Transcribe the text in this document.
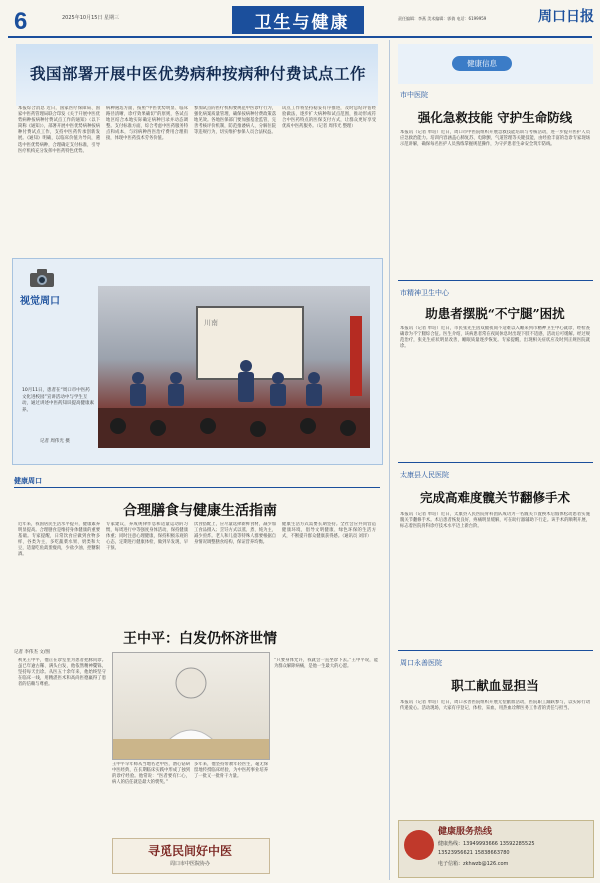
6	2025年10月15日 星期三	卫生与健康	责任编辑：李燕 美术编辑：郭倩 电话：6199959	周口日报
我国部署开展中医优势病种按病种付费试点工作
本报综合消息 近日，国家医疗保障局、国家中医药管理局联合印发《关于开展中医优势病种按病种付费试点工作的通知》（以下简称《通知》），部署开展中医优势病种按病种付费试点工作，支持中医药传承创新发展。《通知》明确，以临床价值为导向，遴选中医优势病种，合理确定支付标准，引导医疗机构充分发挥中医药特色优势。
病种遴选方面，按照“中医优势明显、临床路径清晰、诊疗效果确切”的原则，各试点地区结合本地实际确定病种目录并动态调整。支付标准方面，综合考虑中医药服务特点和成本，与同病种西医治疗费用合理衔接，体现中医药技术劳务价值。
参加试点的医疗机构要规范中医诊疗行为，强化病案质量管理，确保按病种付费政策落地见效。各地医保部门要加强基金监管，完善考核评价机制，防范推诿病人、分解住院等违规行为，切实维护参保人员合法权益。
试点工作将坚持稳妥有序推进，及时总结评估经验做法，逐步扩大病种和试点范围，推动形成符合中医药特点的医保支付方式，让群众更好享受优质中医药服务。（记者 周伟光 整理）
视觉周口
10月11日，患者在“周口市中医药文化进校园”宣讲活动中与学生互动，通过讲述中医药知识提高健康素养。
记者 周伟光 摄
川南
健康周口
合理膳食与健康生活指南
近年来，我国居民生活水平提升，健康素养明显提高。合理膳食是维持身体健康的重要基础。专家提醒，日常饮食应做到食物多样、谷类为主，多吃蔬菜水果、奶类和大豆，适量吃鱼禽蛋瘦肉，少盐少油、控糖限酒。
专家建议，养成规律作息和适量运动的习惯，每周进行中等强度身体活动，保持健康体重；同时注意心理健康，保持积极乐观的心态，定期进行健康体检，做到早发现、早干预。
饮食搭配上，应尽量选择新鲜食材，减少加工食品摄入；烹饪方式以蒸、煮、炖为主，减少煎炸。老人和儿童等特殊人群要根据自身情况调整膳食结构，保证营养均衡。
健康生活方式需要长期坚持。全社会应共同营造健康环境，倡导文明健康、绿色环保的生活方式，不断提升群众健康获得感。（通讯员 刘洋）
王中平：白发仍怀济世情
记者 李伟杰 文/图
初见王中平，他正在诊室里为患者把脉问诊。虽已年逾古稀、满头白发，他依然精神矍铄，坚持每天出诊。从医五十余年来，他始终坚守在临床一线，用精湛医术和高尚医德赢得了患者的信赖与尊重。
王中平早年师从当地名老中医，潜心钻研中医经典，在长期临床实践中形成了独到的诊疗经验。他常说：“医者要有仁心，病人的信任就是最大的褒奖。”
多年来，他坚持带教年轻医生，毫无保留地传授临床经验，为中医药事业培养了一批又一批骨干力量。
“只要身体允许，我就会一直坐诊下去。”王中平说，能为群众解除病痛，是他一生最大的心愿。
寻觅民间好中医
周口市中医院协办
健康信息
市中医院
强化急救技能 守护生命防线
本报讯（记者 单培）近日，周口市中医院组织开展急救技能培训与考核活动，进一步提升医护人员应急救治能力。培训内容涵盖心肺复苏、电除颤、气道管理等关键技能，由经验丰富的急诊专家现场示范讲解，确保每名医护人员熟练掌握规范操作，为守护患者生命安全筑牢防线。
市精神卫生中心
助患者摆脱“不宁腿”困扰
本报讯（记者 单培）近日，市民张先生因双腿夜间不适难以入睡来到市精神卫生中心就诊，经检查确诊为不宁腿综合征。医生介绍，该病患者常在夜间休息时出现下肢不适感，活动后可缓解。经过规范治疗，张先生症状明显改善，睡眠质量逐步恢复。专家提醒，出现相关症状应及时到正规医院就诊。
太康县人民医院
完成高难度髋关节翻修手术
本报讯（记者 单培）近日，太康县人民医院骨科团队成功为一名髋关节置换术后假体松动患者实施髋关节翻修手术。术后患者恢复良好，疼痛明显缓解，可在助行器辅助下行走。该手术的顺利开展，标志着医院骨科诊疗技术水平迈上新台阶。
周口永善医院
职工献血显担当
本报讯（记者 单培）近日，周口永善医院组织开展无偿献血活动，医院职工踊跃参与，以实际行动传递爱心。活动现场，大家有序登记、体检、采血，用热血诠释医务工作者的责任与担当。
健康服务热线
健康热线：13949993666 13592285525
13523956621 15838663780
电子信箱：zkhwzb@126.com
